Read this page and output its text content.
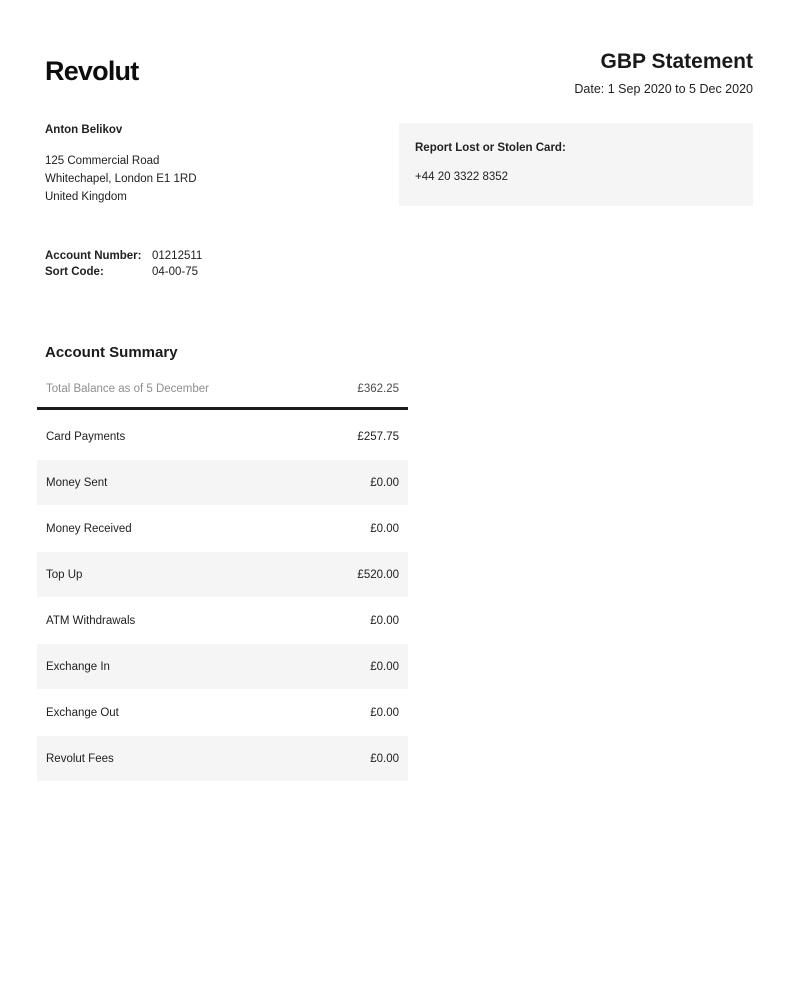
Revolut	GBP Statement
Date: 1 Sep 2020 to 5 Dec 2020
Anton Belikov
125 Commercial Road
Whitechapel, London E1 1RD
United Kingdom
Report Lost or Stolen Card:
+44 20 3322 8352
Account Number: 01212511
Sort Code:	04-00-75
Account Summary
Total Balance as of 5 December	£362.25
Card Payments	£257.75
Money Sent	£0.00
Money Received	£0.00
Top Up	£520.00
ATM Withdrawals	£0.00
Exchange In	£0.00
Exchange Out	£0.00
Revolut Fees	£0.00
